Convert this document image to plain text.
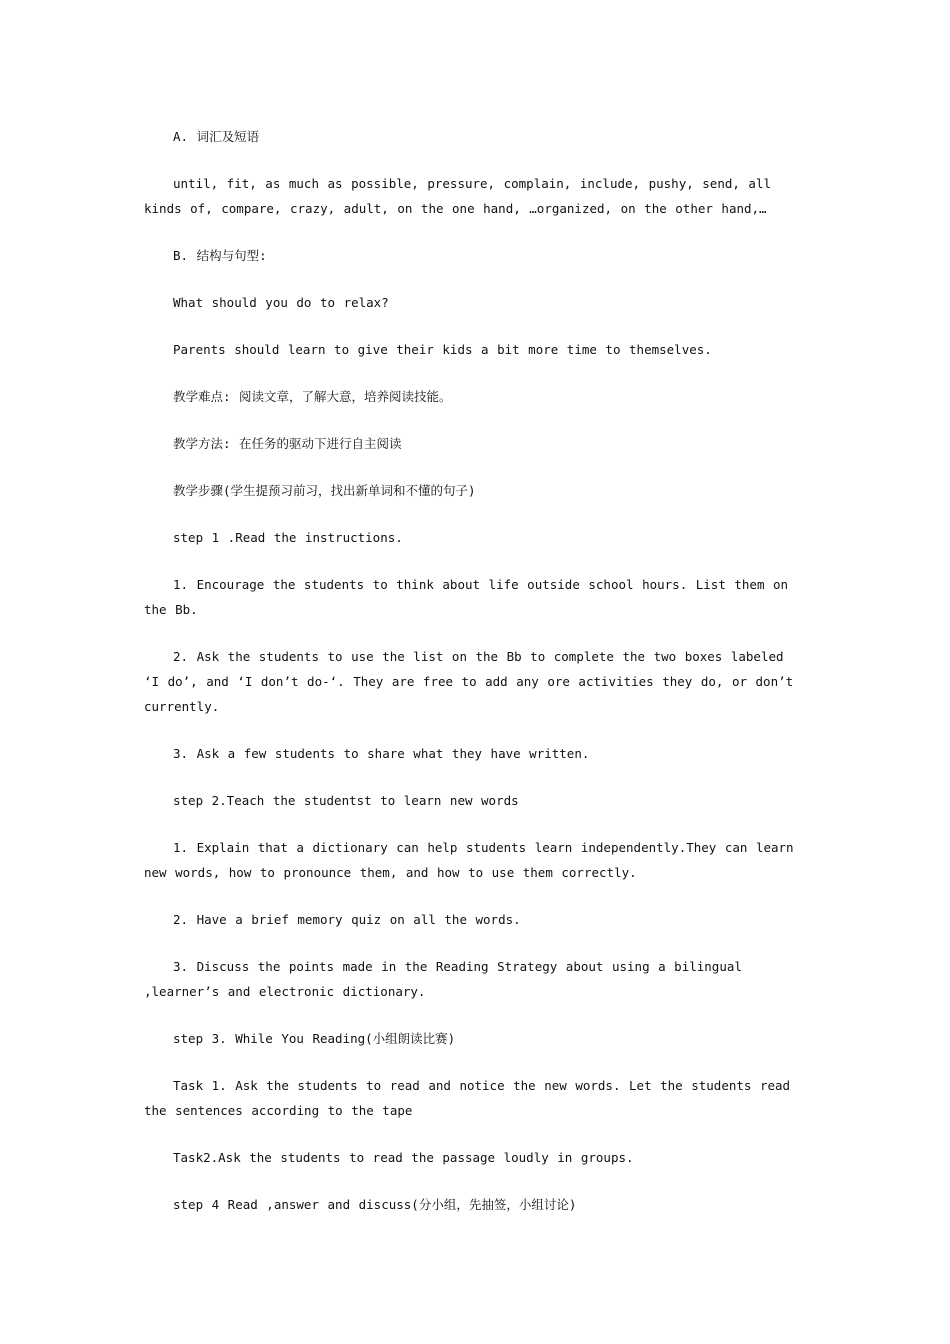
A. 词汇及短语

until, fit, as much as possible, pressure, complain, include, pushy, send, all kinds of, compare, crazy, adult, on the one hand, …organized, on the other hand,…

B. 结构与句型:

What should you do to relax?

Parents should learn to give their kids a bit more time to themselves.

教学难点: 阅读文章，了解大意，培养阅读技能。

教学方法: 在任务的驱动下进行自主阅读

教学步骤(学生提预习前习，找出新单词和不懂的句子)

step 1 .Read the instructions.

1. Encourage the students to think about life outside school hours. List them on the Bb.

2. Ask the students to use the list on the Bb to complete the two boxes labeled ‘I do’, and ‘I don’t do-‘. They are free to add any ore activities they do, or don’t currently.

3. Ask a few students to share what they have written.

step 2.Teach the studentst to learn new words

1. Explain that a dictionary can help students learn independently.They can learn new words, how to pronounce them, and how to use them correctly.

2. Have a brief memory quiz on all the words.

3. Discuss the points made in the Reading Strategy about using a bilingual ,learner’s and electronic dictionary.

step 3. While You Reading(小组朗读比赛)

Task 1. Ask the students to read and notice the new words. Let the students read the sentences according to the tape

Task2.Ask the students to read the passage loudly in groups.

step 4 Read ,answer and discuss(分小组，先抽签，小组讨论)
